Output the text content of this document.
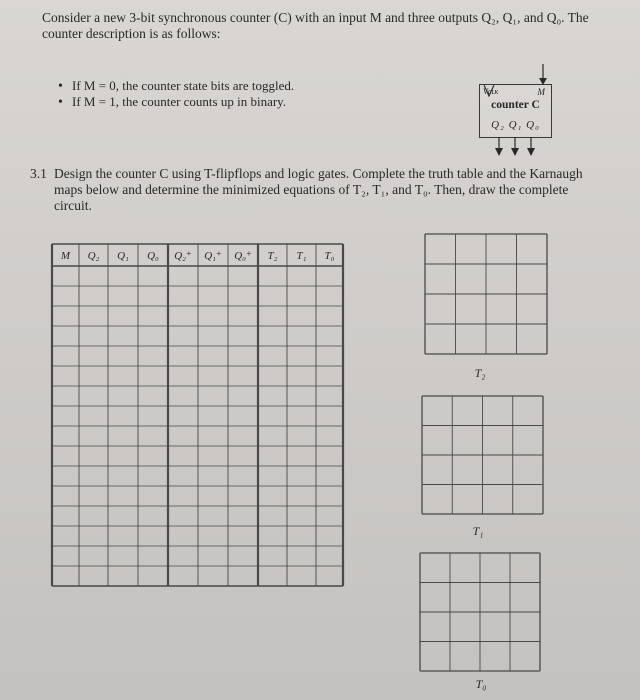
Consider a new 3-bit synchronous counter (C) with an input M and three outputs Q₂, Q₁, and Q₀. The counter description is as follows:
• If M = 0, the counter state bits are toggled.
• If M = 1, the counter counts up in binary.
Vcʟᴋ	M
counter C
Q₂ Q₁ Q₀
3.1 Design the counter C using T-flipflops and logic gates. Complete the truth table and the Karnaugh maps below and determine the minimized equations of T₂, T₁, and T₀. Then, draw the complete circuit.
M	Q₂	Q₁	Q₀	Q₂⁺	Q₁⁺	Q₀⁺	T₂	T₁	T₀
T₂
T₁
T₀
